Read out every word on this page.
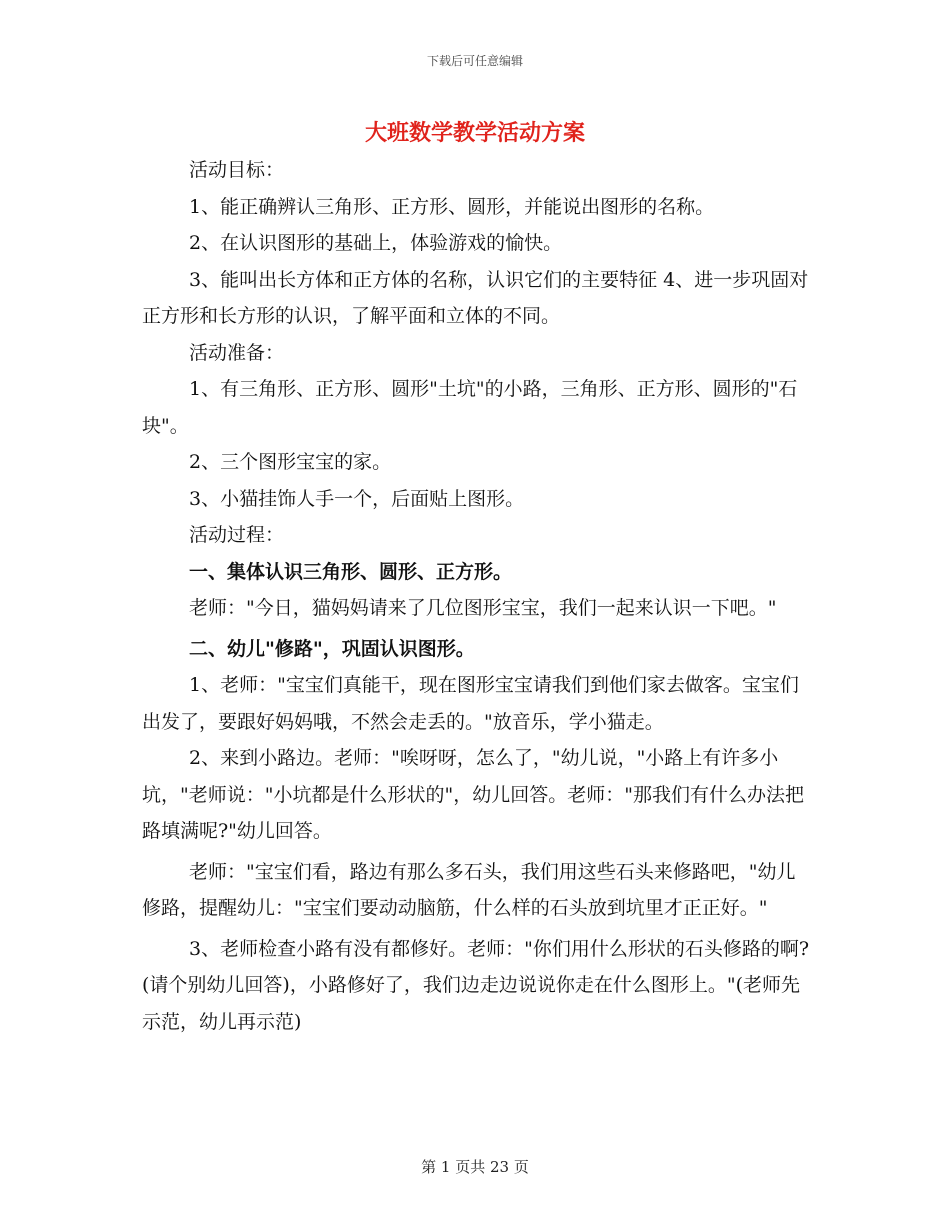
下载后可任意编辑
大班数学教学活动方案

活动目标：

1、能正确辨认三角形、正方形、圆形，并能说出图形的名称。

2、在认识图形的基础上，体验游戏的愉快。

3、能叫出长方体和正方体的名称，认识它们的主要特征 4、进一步巩固对正方形和长方形的认识，了解平面和立体的不同。

活动准备：

1、有三角形、正方形、圆形"土坑"的小路，三角形、正方形、圆形的"石块"。

2、三个图形宝宝的家。

3、小猫挂饰人手一个，后面贴上图形。

活动过程：

一、集体认识三角形、圆形、正方形。

老师："今日，猫妈妈请来了几位图形宝宝，我们一起来认识一下吧。"

二、幼儿"修路"，巩固认识图形。

1、老师："宝宝们真能干，现在图形宝宝请我们到他们家去做客。宝宝们出发了，要跟好妈妈哦，不然会走丢的。"放音乐，学小猫走。

2、来到小路边。老师："唉呀呀，怎么了，"幼儿说，"小路上有许多小坑，"老师说："小坑都是什么形状的"，幼儿回答。老师："那我们有什么办法把路填满呢?"幼儿回答。

老师："宝宝们看，路边有那么多石头，我们用这些石头来修路吧，"幼儿修路，提醒幼儿："宝宝们要动动脑筋，什么样的石头放到坑里才正正好。"

3、老师检查小路有没有都修好。老师："你们用什么形状的石头修路的啊?(请个别幼儿回答)，小路修好了，我们边走边说说你走在什么图形上。"(老师先示范，幼儿再示范)

第 1 页共 23 页
